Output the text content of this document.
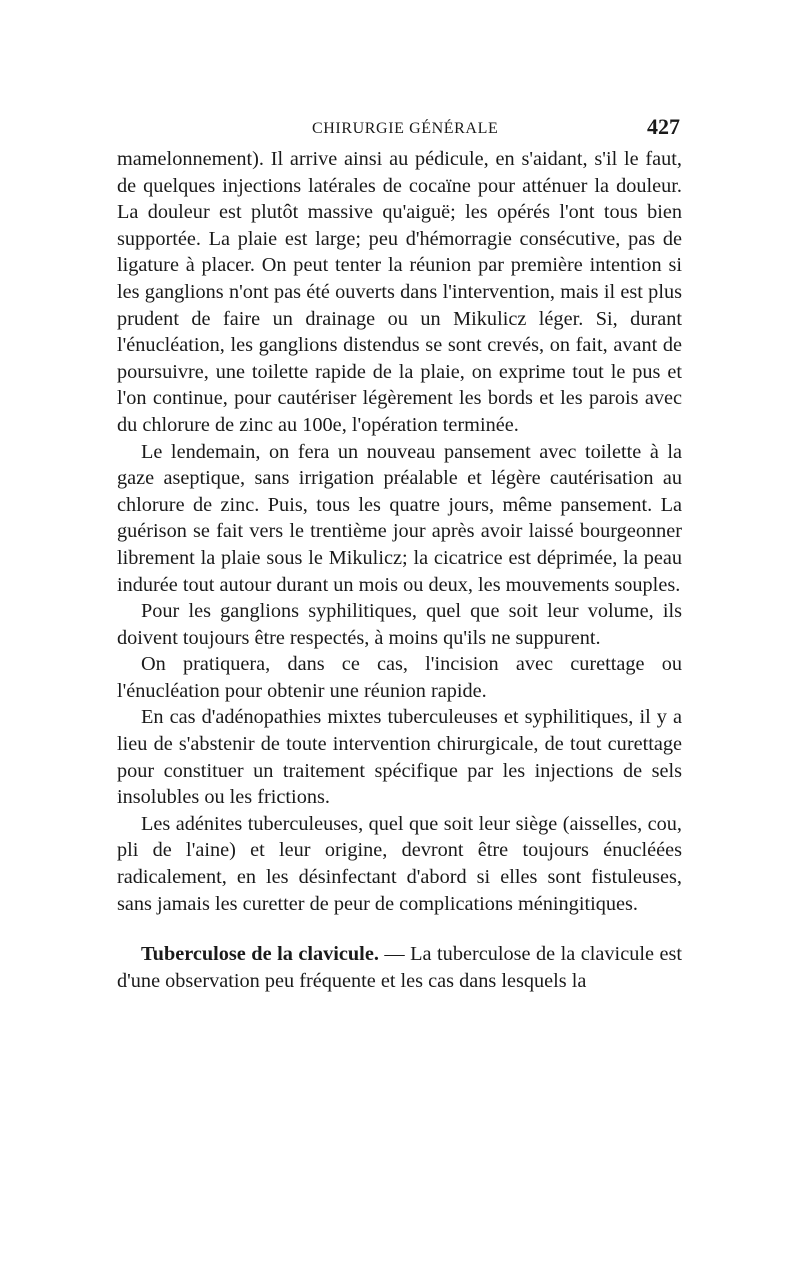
CHIRURGIE GÉNÉRALE	427

mamelonnement). Il arrive ainsi au pédicule, en s'aidant, s'il le faut, de quelques injections latérales de cocaïne pour atténuer la douleur. La douleur est plutôt massive qu'aiguë; les opérés l'ont tous bien supportée. La plaie est large; peu d'hémorragie consécutive, pas de ligature à placer. On peut tenter la réunion par première intention si les ganglions n'ont pas été ouverts dans l'intervention, mais il est plus prudent de faire un drainage ou un Mikulicz léger. Si, durant l'énucléation, les ganglions distendus se sont crevés, on fait, avant de poursuivre, une toilette rapide de la plaie, on exprime tout le pus et l'on continue, pour cautériser légèrement les bords et les parois avec du chlorure de zinc au 100e, l'opération terminée.

Le lendemain, on fera un nouveau pansement avec toilette à la gaze aseptique, sans irrigation préalable et légère cautérisation au chlorure de zinc. Puis, tous les quatre jours, même pansement. La guérison se fait vers le trentième jour après avoir laissé bourgeonner librement la plaie sous le Mikulicz; la cicatrice est déprimée, la peau indurée tout autour durant un mois ou deux, les mouvements souples.

Pour les ganglions syphilitiques, quel que soit leur volume, ils doivent toujours être respectés, à moins qu'ils ne suppurent.

On pratiquera, dans ce cas, l'incision avec curettage ou l'énucléation pour obtenir une réunion rapide.

En cas d'adénopathies mixtes tuberculeuses et syphilitiques, il y a lieu de s'abstenir de toute intervention chirurgicale, de tout curettage pour constituer un traitement spécifique par les injections de sels insolubles ou les frictions.

Les adénites tuberculeuses, quel que soit leur siège (aisselles, cou, pli de l'aine) et leur origine, devront être toujours énucléées radicalement, en les désinfectant d'abord si elles sont fistuleuses, sans jamais les curetter de peur de complications méningitiques.

Tuberculose de la clavicule. — La tuberculose de la clavicule est d'une observation peu fréquente et les cas dans lesquels la
